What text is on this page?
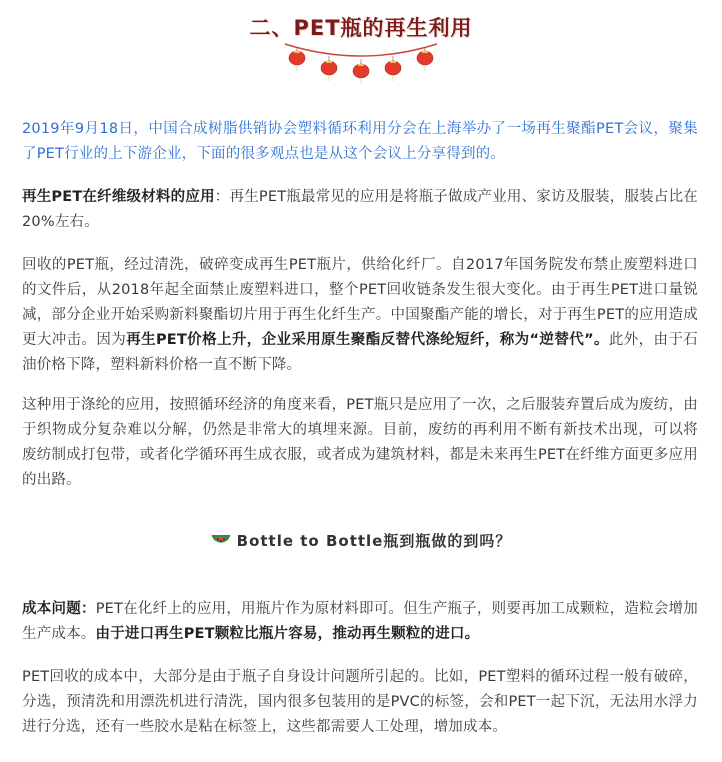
二、PET瓶的再生利用

2019年9月18日，中国合成树脂供销协会塑料循环利用分会在上海举办了一场再生聚酯PET会议，聚集了PET行业的上下游企业，下面的很多观点也是从这个会议上分享得到的。

再生PET在纤维级材料的应用：再生PET瓶最常见的应用是将瓶子做成产业用、家访及服装，服装占比在20%左右。

回收的PET瓶，经过清洗，破碎变成再生PET瓶片，供给化纤厂。自2017年国务院发布禁止废塑料进口的文件后，从2018年起全面禁止废塑料进口，整个PET回收链条发生很大变化。由于再生PET进口量锐减，部分企业开始采购新料聚酯切片用于再生化纤生产。中国聚酯产能的增长，对于再生PET的应用造成更大冲击。因为再生PET价格上升，企业采用原生聚酯反替代涤纶短纤，称为“逆替代”。此外，由于石油价格下降，塑料新料价格一直不断下降。

这种用于涤纶的应用，按照循环经济的角度来看，PET瓶只是应用了一次，之后服装弃置后成为废纺，由于织物成分复杂难以分解，仍然是非常大的填埋来源。目前，废纺的再利用不断有新技术出现，可以将废纺制成打包带，或者化学循环再生成衣服，或者成为建筑材料，都是未来再生PET在纤维方面更多应用的出路。

Bottle to Bottle瓶到瓶做的到吗？

成本问题：PET在化纤上的应用，用瓶片作为原材料即可。但生产瓶子，则要再加工成颗粒，造粒会增加生产成本。由于进口再生PET颗粒比瓶片容易，推动再生颗粒的进口。

PET回收的成本中，大部分是由于瓶子自身设计问题所引起的。比如，PET塑料的循环过程一般有破碎，分选，预清洗和用漂洗机进行清洗，国内很多包装用的是PVC的标签，会和PET一起下沉，无法用水浮力进行分选，还有一些胶水是粘在标签上，这些都需要人工处理，增加成本。
